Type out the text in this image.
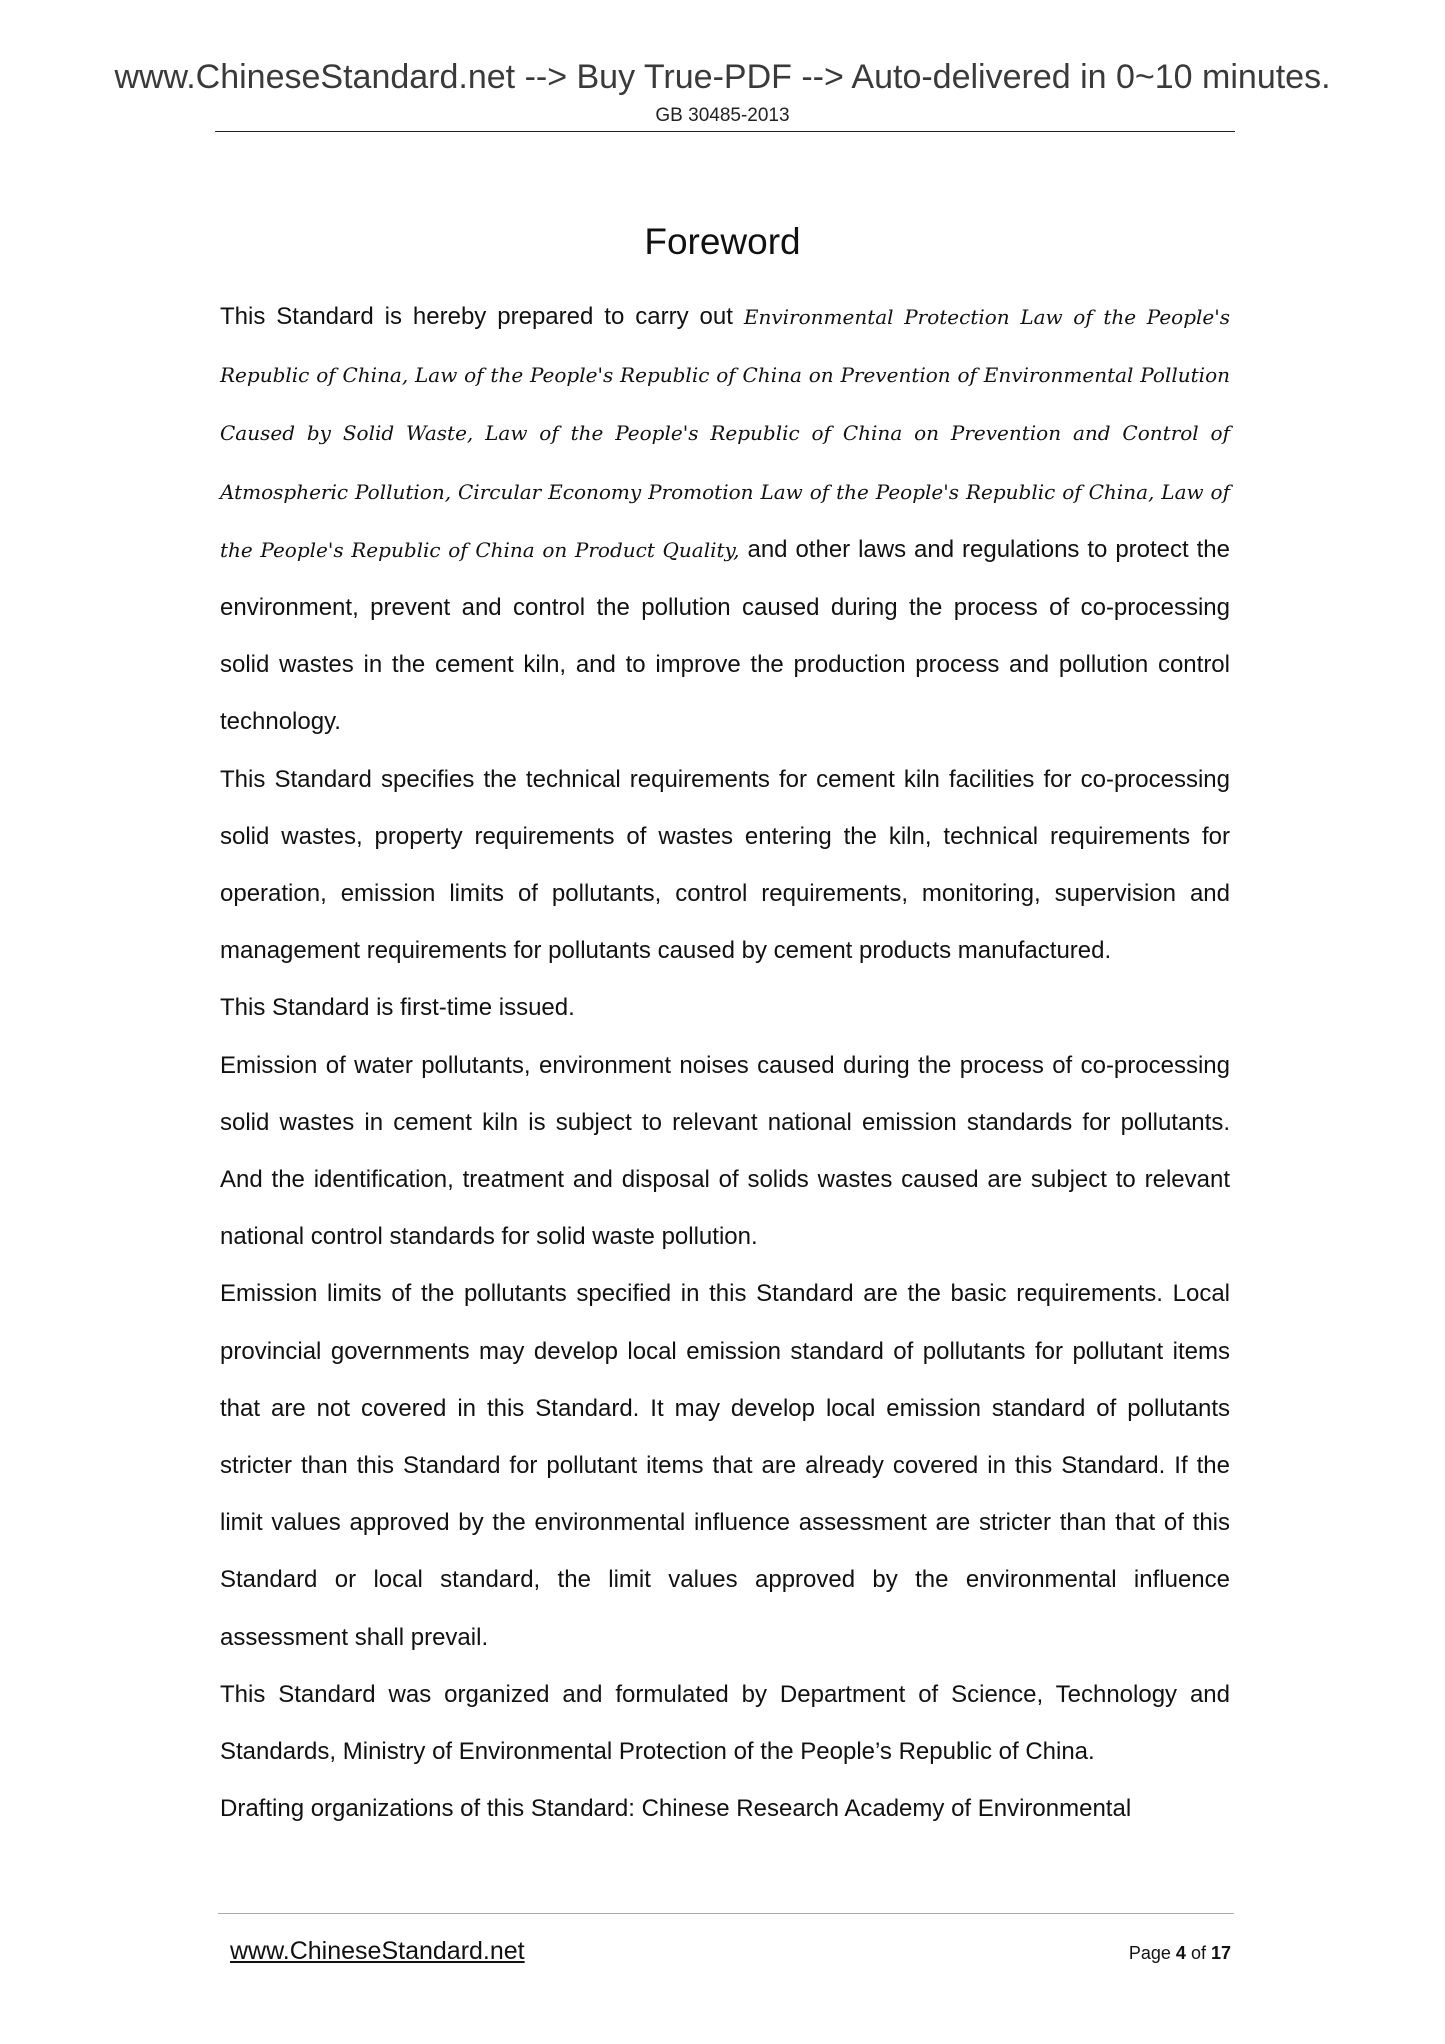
www.ChineseStandard.net --> Buy True-PDF --> Auto-delivered in 0~10 minutes.
GB 30485-2013
Foreword

This Standard is hereby prepared to carry out Environmental Protection Law of the People's Republic of China, Law of the People's Republic of China on Prevention of Environmental Pollution Caused by Solid Waste, Law of the People's Republic of China on Prevention and Control of Atmospheric Pollution, Circular Economy Promotion Law of the People's Republic of China, Law of the People's Republic of China on Product Quality, and other laws and regulations to protect the environment, prevent and control the pollution caused during the process of co-processing solid wastes in the cement kiln, and to improve the production process and pollution control technology.

This Standard specifies the technical requirements for cement kiln facilities for co-processing solid wastes, property requirements of wastes entering the kiln, technical requirements for operation, emission limits of pollutants, control requirements, monitoring, supervision and management requirements for pollutants caused by cement products manufactured.

This Standard is first-time issued.

Emission of water pollutants, environment noises caused during the process of co-processing solid wastes in cement kiln is subject to relevant national emission standards for pollutants. And the identification, treatment and disposal of solids wastes caused are subject to relevant national control standards for solid waste pollution.

Emission limits of the pollutants specified in this Standard are the basic requirements. Local provincial governments may develop local emission standard of pollutants for pollutant items that are not covered in this Standard. It may develop local emission standard of pollutants stricter than this Standard for pollutant items that are already covered in this Standard. If the limit values approved by the environmental influence assessment are stricter than that of this Standard or local standard, the limit values approved by the environmental influence assessment shall prevail.

This Standard was organized and formulated by Department of Science, Technology and Standards, Ministry of Environmental Protection of the People’s Republic of China.

Drafting organizations of this Standard: Chinese Research Academy of Environmental

www.ChineseStandard.net	Page 4 of 17
